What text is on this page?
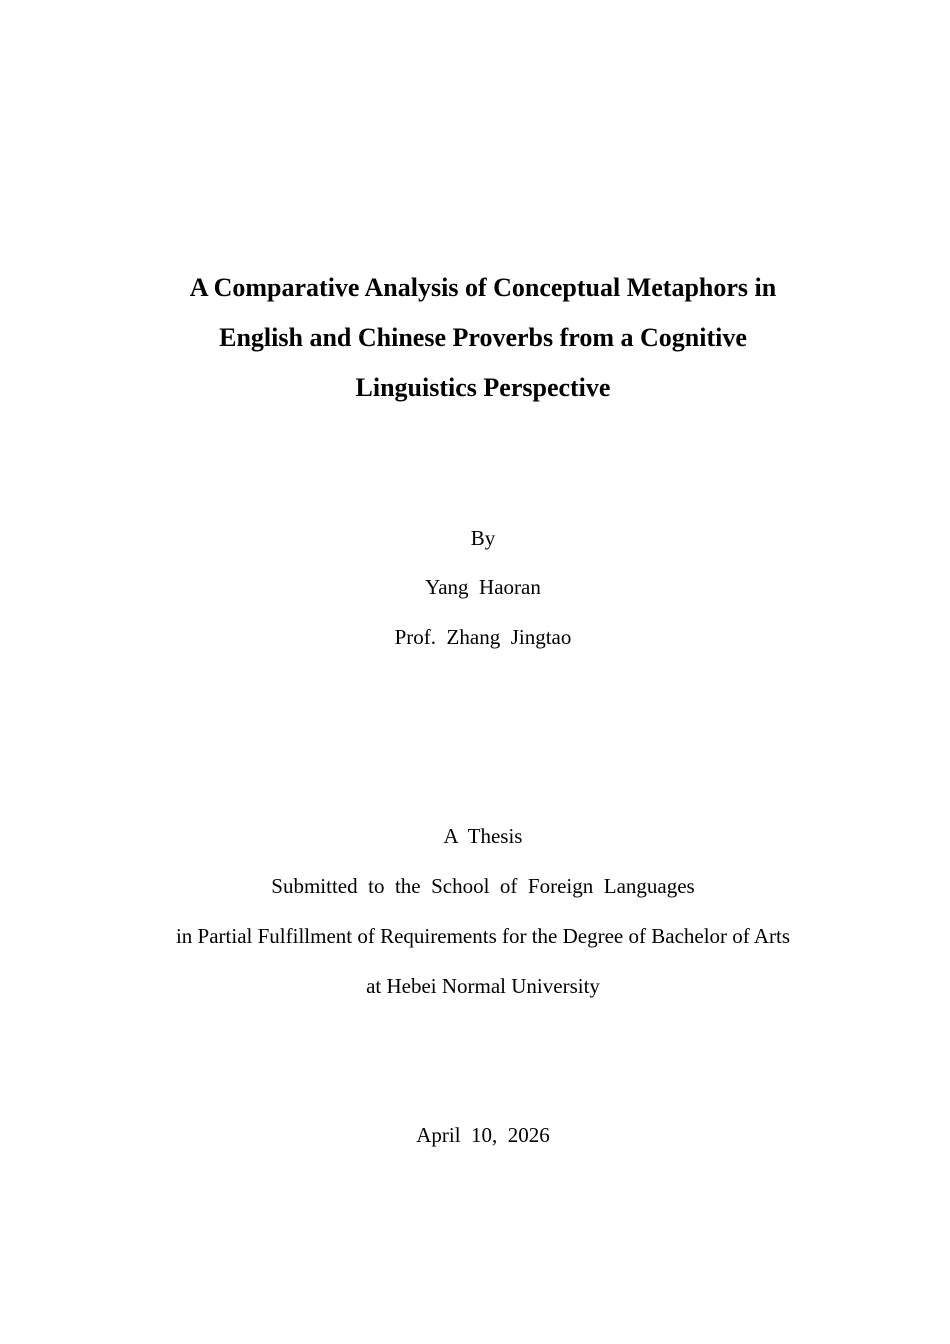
A Comparative Analysis of Conceptual Metaphors in
English and Chinese Proverbs from a Cognitive
Linguistics Perspective
By
Yang  Haoran
Prof.  Zhang  Jingtao
A  Thesis
Submitted  to  the  School  of  Foreign  Languages
in Partial Fulfillment of Requirements for the Degree of Bachelor of Arts
at Hebei Normal University
April  10,  2026
